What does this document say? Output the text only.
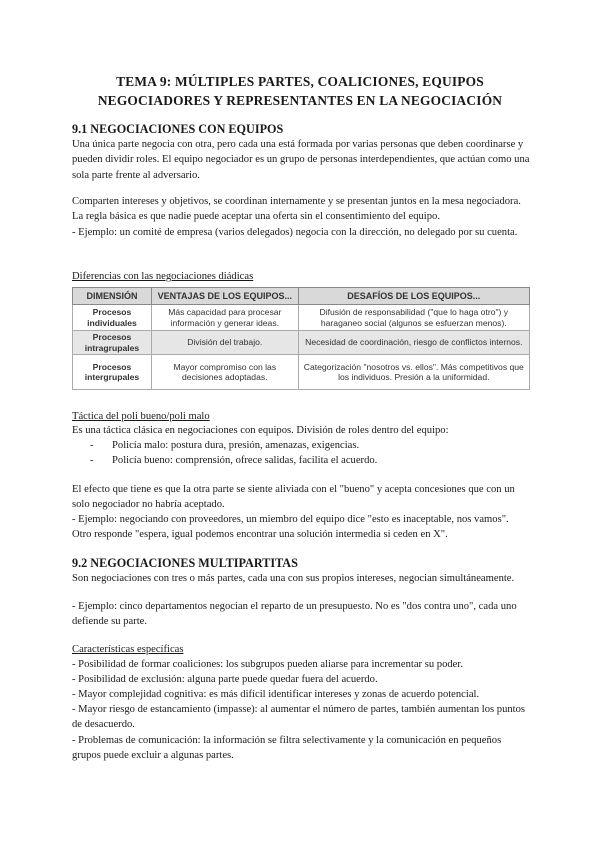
TEMA 9: MÚLTIPLES PARTES, COALICIONES, EQUIPOS
NEGOCIADORES Y REPRESENTANTES EN LA NEGOCIACIÓN
9.1 NEGOCIACIONES CON EQUIPOS
Una única parte negocia con otra, pero cada una está formada por varias personas que deben coordinarse y pueden dividir roles. El equipo negociador es un grupo de personas interdependientes, que actúan como una sola parte frente al adversario.
Comparten intereses y objetivos, se coordinan internamente y se presentan juntos en la mesa negociadora. La regla básica es que nadie puede aceptar una oferta sin el consentimiento del equipo.
- Ejemplo: un comité de empresa (varios delegados) negocia con la dirección, no delegado por su cuenta.
Diferencias con las negociaciones diádicas
DIMENSIÓN	VENTAJAS DE LOS EQUIPOS...	DESAFÍOS DE LOS EQUIPOS...
Procesos individuales	Más capacidad para procesar información y generar ideas.	Difusión de responsabilidad ("que lo haga otro") y haraganeo social (algunos se esfuerzan menos).
Procesos intragrupales	División del trabajo.	Necesidad de coordinación, riesgo de conflictos internos.
Procesos intergrupales	Mayor compromiso con las decisiones adoptadas.	Categorización "nosotros vs. ellos". Más competitivos que los individuos. Presión a la uniformidad.
Táctica del poli bueno/poli malo
Es una táctica clásica en negociaciones con equipos. División de roles dentro del equipo:
- Policía malo: postura dura, presión, amenazas, exigencias.
- Policía bueno: comprensión, ofrece salidas, facilita el acuerdo.
El efecto que tiene es que la otra parte se siente aliviada con el "bueno" y acepta concesiones que con un solo negociador no habría aceptado.
- Ejemplo: negociando con proveedores, un miembro del equipo dice "esto es inaceptable, nos vamos". Otro responde "espera, igual podemos encontrar una solución intermedia si ceden en X".
9.2 NEGOCIACIONES MULTIPARTITAS
Son negociaciones con tres o más partes, cada una con sus propios intereses, negocian simultáneamente.
- Ejemplo: cinco departamentos negocian el reparto de un presupuesto. No es "dos contra uno", cada uno defiende su parte.
Características específicas
- Posibilidad de formar coaliciones: los subgrupos pueden aliarse para incrementar su poder.
- Posibilidad de exclusión: alguna parte puede quedar fuera del acuerdo.
- Mayor complejidad cognitiva: es más difícil identificar intereses y zonas de acuerdo potencial.
- Mayor riesgo de estancamiento (impasse): al aumentar el número de partes, también aumentan los puntos de desacuerdo.
- Problemas de comunicación: la información se filtra selectivamente y la comunicación en pequeños grupos puede excluir a algunas partes.
